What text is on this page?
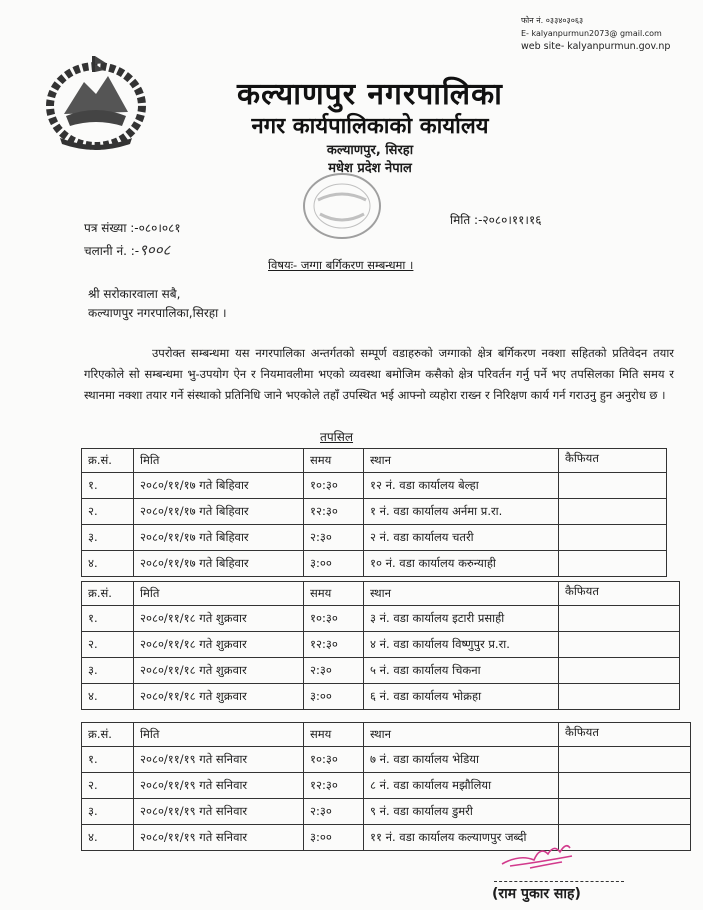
फोन नं. ०३३४०३०६३
E- kalyanpurmun2073@ gmail.com
web site- kalyanpurmun.gov.np
कल्याणपुर नगरपालिका
नगर कार्यपालिकाको कार्यालय
कल्याणपुर, सिरहा
मधेश प्रदेश नेपाल
पत्र संख्या :-०८०।०८१
चलानी नं. :-९००८
मिति :-२०८०।११।१६
विषयः- जग्गा बर्गिकरण सम्बन्धमा ।
श्री सरोकारवाला सबै,
कल्याणपुर नगरपालिका,सिरहा ।
उपरोक्त सम्बन्धमा यस नगरपालिका अन्तर्गतको सम्पूर्ण वडाहरुको जग्गाको क्षेत्र बर्गिकरण नक्शा सहितको प्रतिवेदन तयार गरिएकोले सो सम्बन्धमा भु-उपयोग ऐन र नियमावलीमा भएको व्यवस्था बमोजिम कसैको क्षेत्र परिवर्तन गर्नु पर्ने भए तपसिलका मिति समय र स्थानमा नक्शा तयार गर्ने संस्थाको प्रतिनिधि जाने भएकोले तहाँ उपस्थित भई आफ्नो व्यहोरा राख्न र निरिक्षण कार्य गर्न गराउनु हुन अनुरोध छ ।
तपसिल
क्र.सं.	मिति	समय	स्थान	कैफियत
१.	२०८०/११/१७ गते बिहिवार	१०:३०	१२ नं. वडा कार्यालय बेल्हा	
२.	२०८०/११/१७ गते बिहिवार	१२:३०	१ नं. वडा कार्यालय अर्नमा प्र.रा.	
३.	२०८०/११/१७ गते बिहिवार	२:३०	२ नं. वडा कार्यालय चतरी	
४.	२०८०/११/१७ गते बिहिवार	३:००	१० नं. वडा कार्यालय करुन्याही	
क्र.सं.	मिति	समय	स्थान	कैफियत
१.	२०८०/११/१८ गते शुक्रवार	१०:३०	३ नं. वडा कार्यालय इटारी प्रसाही	
२.	२०८०/११/१८ गते शुक्रवार	१२:३०	४ नं. वडा कार्यालय विष्णुपुर प्र.रा.	
३.	२०८०/११/१८ गते शुक्रवार	२:३०	५ नं. वडा कार्यालय चिकना	
४.	२०८०/११/१८ गते शुक्रवार	३:००	६ नं. वडा कार्यालय भोक्रहा	
क्र.सं.	मिति	समय	स्थान	कैफियत
१.	२०८०/११/१९ गते सनिवार	१०:३०	७ नं. वडा कार्यालय भेडिया	
२.	२०८०/११/१९ गते सनिवार	१२:३०	८ नं. वडा कार्यालय मझौलिया	
३.	२०८०/११/१९ गते सनिवार	२:३०	९ नं. वडा कार्यालय डुमरी	
४.	२०८०/११/१९ गते सनिवार	३:००	११ नं. वडा कार्यालय कल्याणपुर जब्दी	
(राम पुकार साह)
